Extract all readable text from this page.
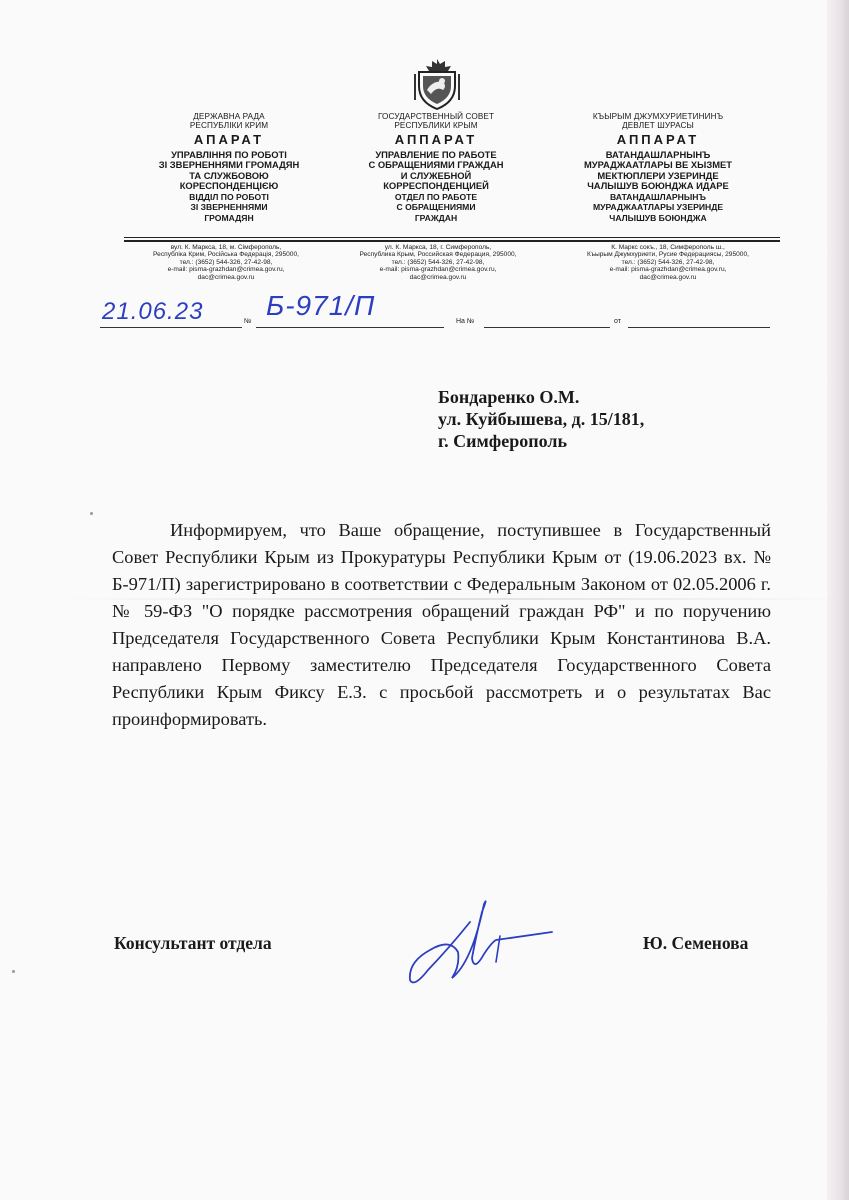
ДЕРЖАВНА РАДА
РЕСПУБЛІКИ КРИМ
АПАРАТ
УПРАВЛІННЯ ПО РОБОТІ
ЗІ ЗВЕРНЕННЯМИ ГРОМАДЯН
ТА СЛУЖБОВОЮ
КОРЕСПОНДЕНЦІЄЮ
ВІДДІЛ ПО РОБОТІ
ЗІ ЗВЕРНЕННЯМИ
ГРОМАДЯН
ГОСУДАРСТВЕННЫЙ СОВЕТ
РЕСПУБЛИКИ КРЫМ
АППАРАТ
УПРАВЛЕНИЕ ПО РАБОТЕ
С ОБРАЩЕНИЯМИ ГРАЖДАН
И СЛУЖЕБНОЙ
КОРРЕСПОНДЕНЦИЕЙ
ОТДЕЛ ПО РАБОТЕ
С ОБРАЩЕНИЯМИ
ГРАЖДАН
КЪЫРЫМ ДЖУМХУРИЕТИНИНЪ
ДЕВЛЕТ ШУРАСЫ
АППАРАТ
ВАТАНДАШЛАРНЫНЪ
МУРАДЖААТЛАРЫ ВЕ ХЫЗМЕТ
МЕКТЮПЛЕРИ УЗЕРИНДЕ
ЧАЛЫШУВ БОЮНДЖА ИДАРЕ
ВАТАНДАШЛАРНЫНЪ
МУРАДЖААТЛАРЫ УЗЕРИНДЕ
ЧАЛЫШУВ БОЮНДЖА
вул. К. Маркса, 18, м. Сімферополь,
Республіка Крим, Російська Федерація, 295000,
тел.: (3652) 544-326, 27-42-98,
e-mail: pisma-grazhdan@crimea.gov.ru,
dac@crimea.gov.ru
ул. К. Маркса, 18, г. Симферополь,
Республика Крым, Российская Федерация, 295000,
тел.: (3652) 544-326, 27-42-98,
e-mail: pisma-grazhdan@crimea.gov.ru,
dac@crimea.gov.ru
К. Маркс сокъ., 18, Симферополь ш.,
Къырым Джумхуриети, Русие Федерациясы, 295000,
тел.: (3652) 544-326, 27-42-98,
e-mail: pisma-grazhdan@crimea.gov.ru,
dac@crimea.gov.ru
21.06.23	№
Б-971/П
На №	от
Бондаренко О.М.
ул. Куйбышева, д. 15/181,
г. Симферополь
Информируем, что Ваше обращение, поступившее в Государственный Совет Республики Крым из Прокуратуры Республики Крым от (19.06.2023 вх. № Б-971/П) зарегистрировано в соответствии с Федеральным Законом от 02.05.2006 г. № 59-ФЗ "О порядке рассмотрения обращений граждан РФ" и по поручению Председателя Государственного Совета Республики Крым Константинова В.А. направлено Первому заместителю Председателя Государственного Совета Республики Крым Фиксу Е.З. с просьбой рассмотреть и о результатах Вас проинформировать.
Консультант отдела	Ю. Семенова
